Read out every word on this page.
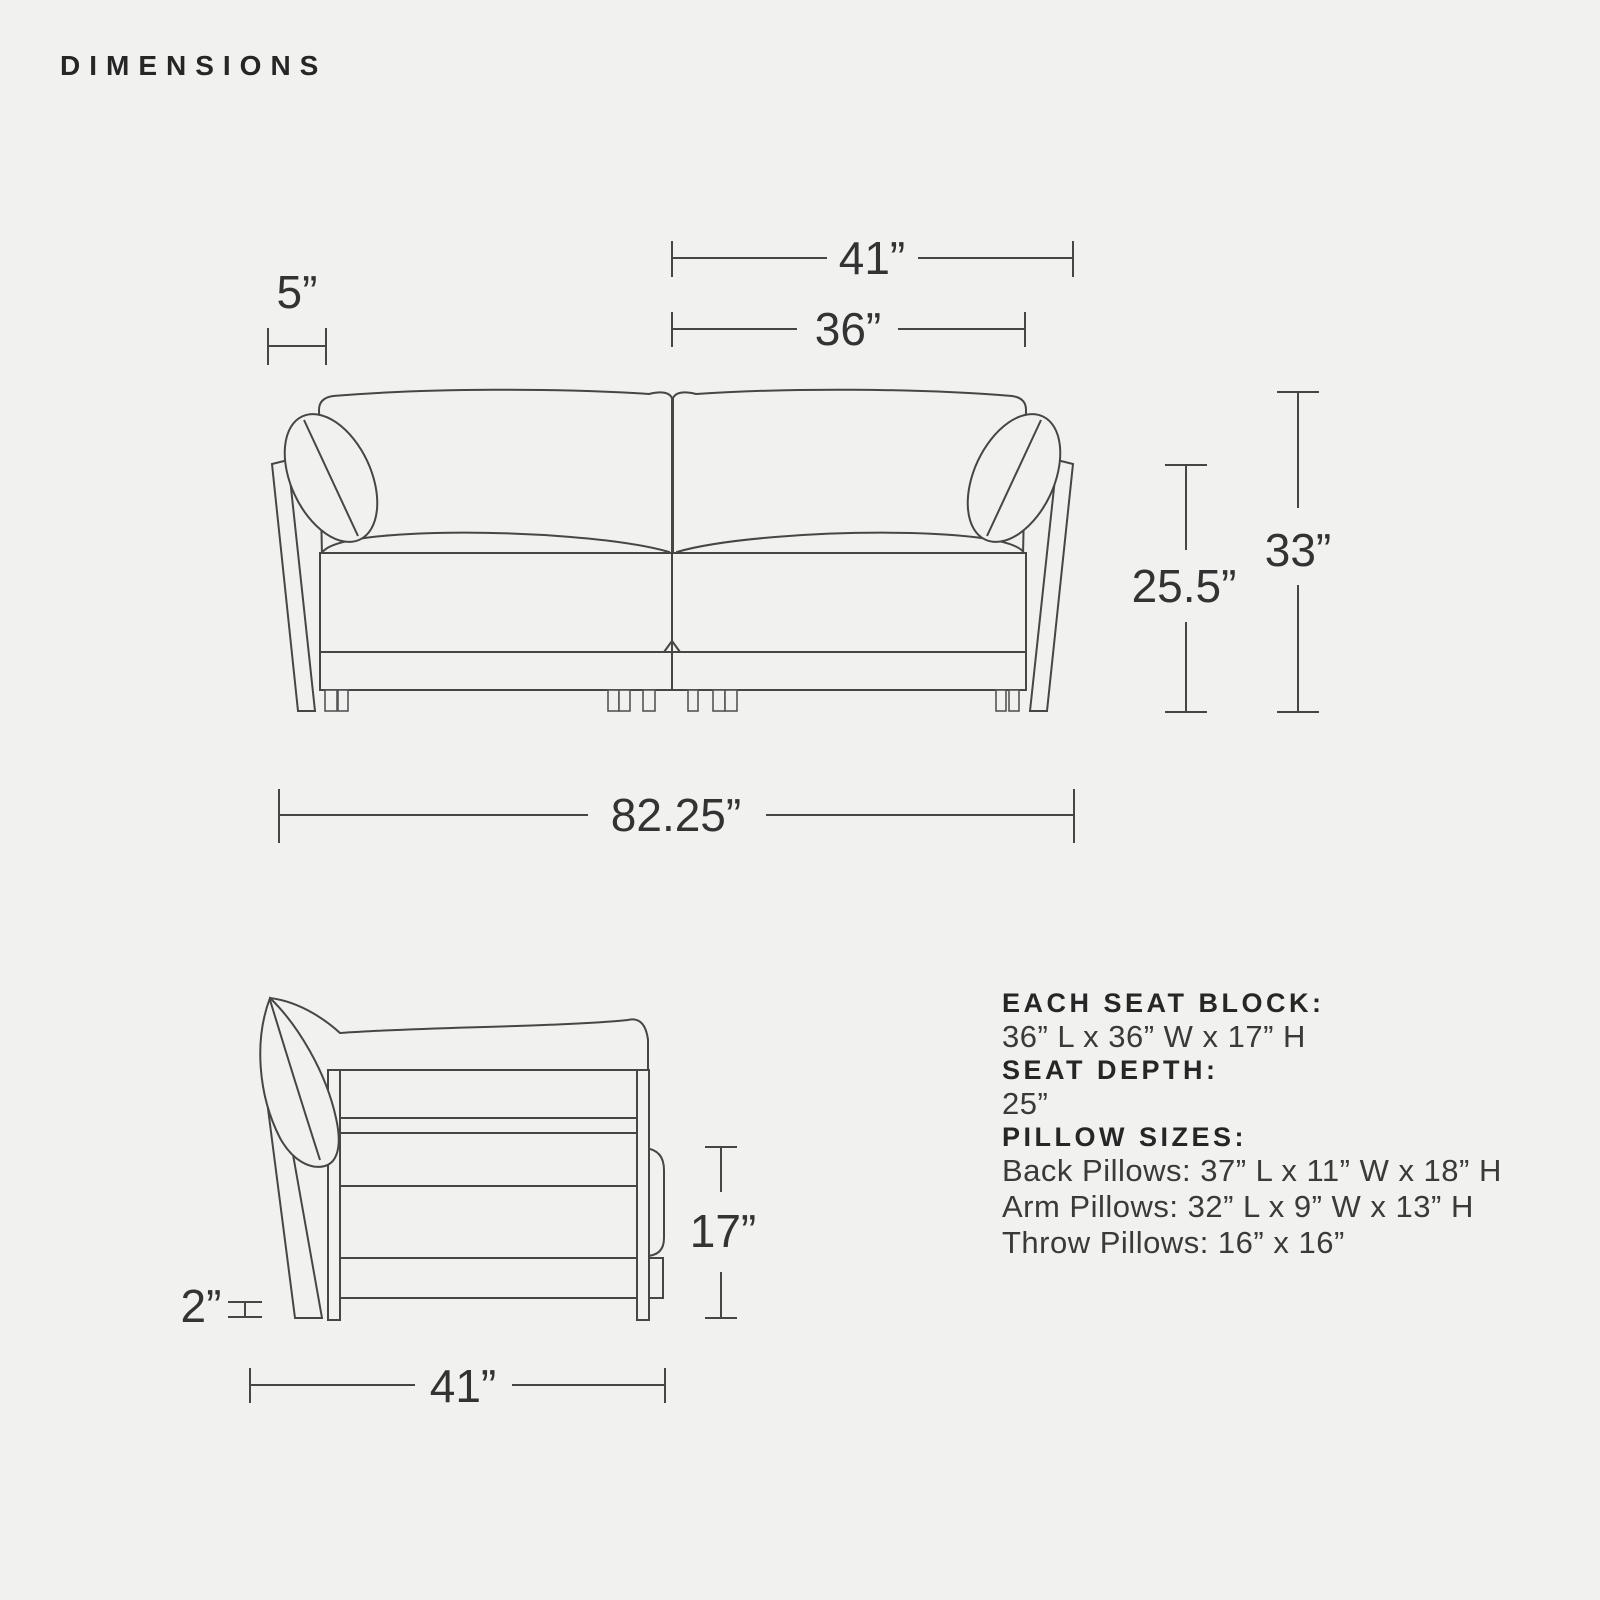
DIMENSIONS
5”
41”
36”
25.5”
33”
82.25”
2”
17”
41”

EACH SEAT BLOCK:

36” L x 36” W x 17” H

SEAT DEPTH:

25”

PILLOW SIZES:

Back Pillows: 37” L x 11” W x 18” H

Arm Pillows: 32” L x 9” W x 13” H

Throw Pillows: 16” x 16”
